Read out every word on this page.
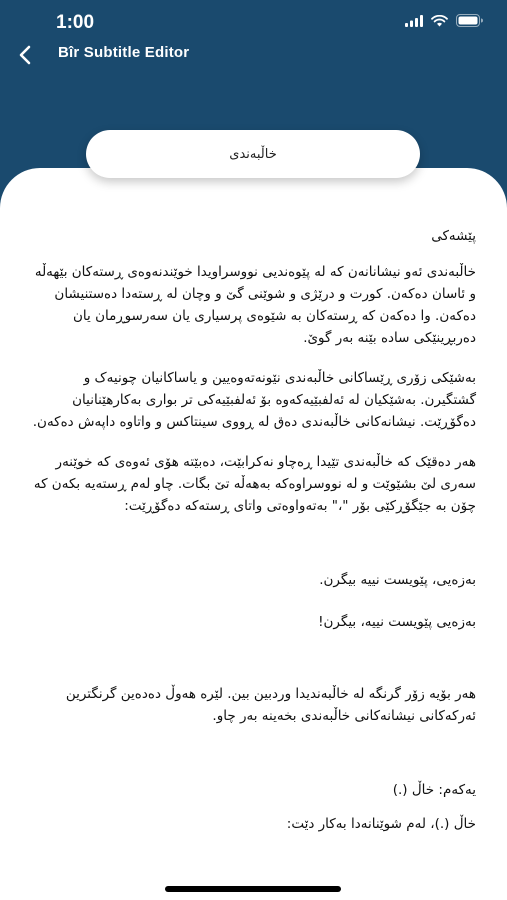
1:00
Bîr Subtitle Editor
خاڵبەندی

پێشەکی

خاڵبەندی ئەو نیشانانەن کە لە پێوەندیی نووسراویدا خوێندنەوەی ڕستەکان بێهەڵە و ئاسان دەکەن. کورت و درێژی و شوێنی گێ و وچان لە ڕستەدا دەستنیشان دەکەن. وا دەکەن کە ڕستەکان بە شێوەی پرسیاری یان سەرسوڕمان یان دەربڕینێکی سادە بێنە بەر گوێ.

بەشێکی زۆری ڕێساکانی خاڵبەندی نێونەتەوەیین و یاساکانیان چونیەک و گشتگیرن. بەشێکیان لە ئەلفبێیەکەوە بۆ ئەلفبێیەکی تر بواری بەکارهێنانیان دەگۆڕێت. نیشانەکانی خاڵبەندی دەق لە ڕووی سینتاکس و واتاوە داپەش دەکەن.

هەر دەقێک کە خاڵبەندی تێیدا ڕەچاو نەکرابێت، دەبێتە هۆی ئەوەی کە خوێنەر سەری لێ بشێوێت و لە نووسراوەکە بەهەڵە تێ بگات. چاو لەم ڕستەیە بکەن کە چۆن بە جێگۆڕکێی بۆر "،" بەتەواوەتی واتای ڕستەکە دەگۆڕێت:

بەزەیی، پێویست نییە بیگرن.

بەزەیی پێویست نییە، بیگرن!

هەر بۆیە زۆر گرنگە لە خاڵبەندیدا وردبین بین. لێرە هەوڵ دەدەین گرنگترین ئەرکەکانی نیشانەکانی خاڵبەندی بخەینە بەر چاو.

یەکەم: خاڵ (.)

خاڵ (.)، لەم شوێنانەدا بەکار دێت:
